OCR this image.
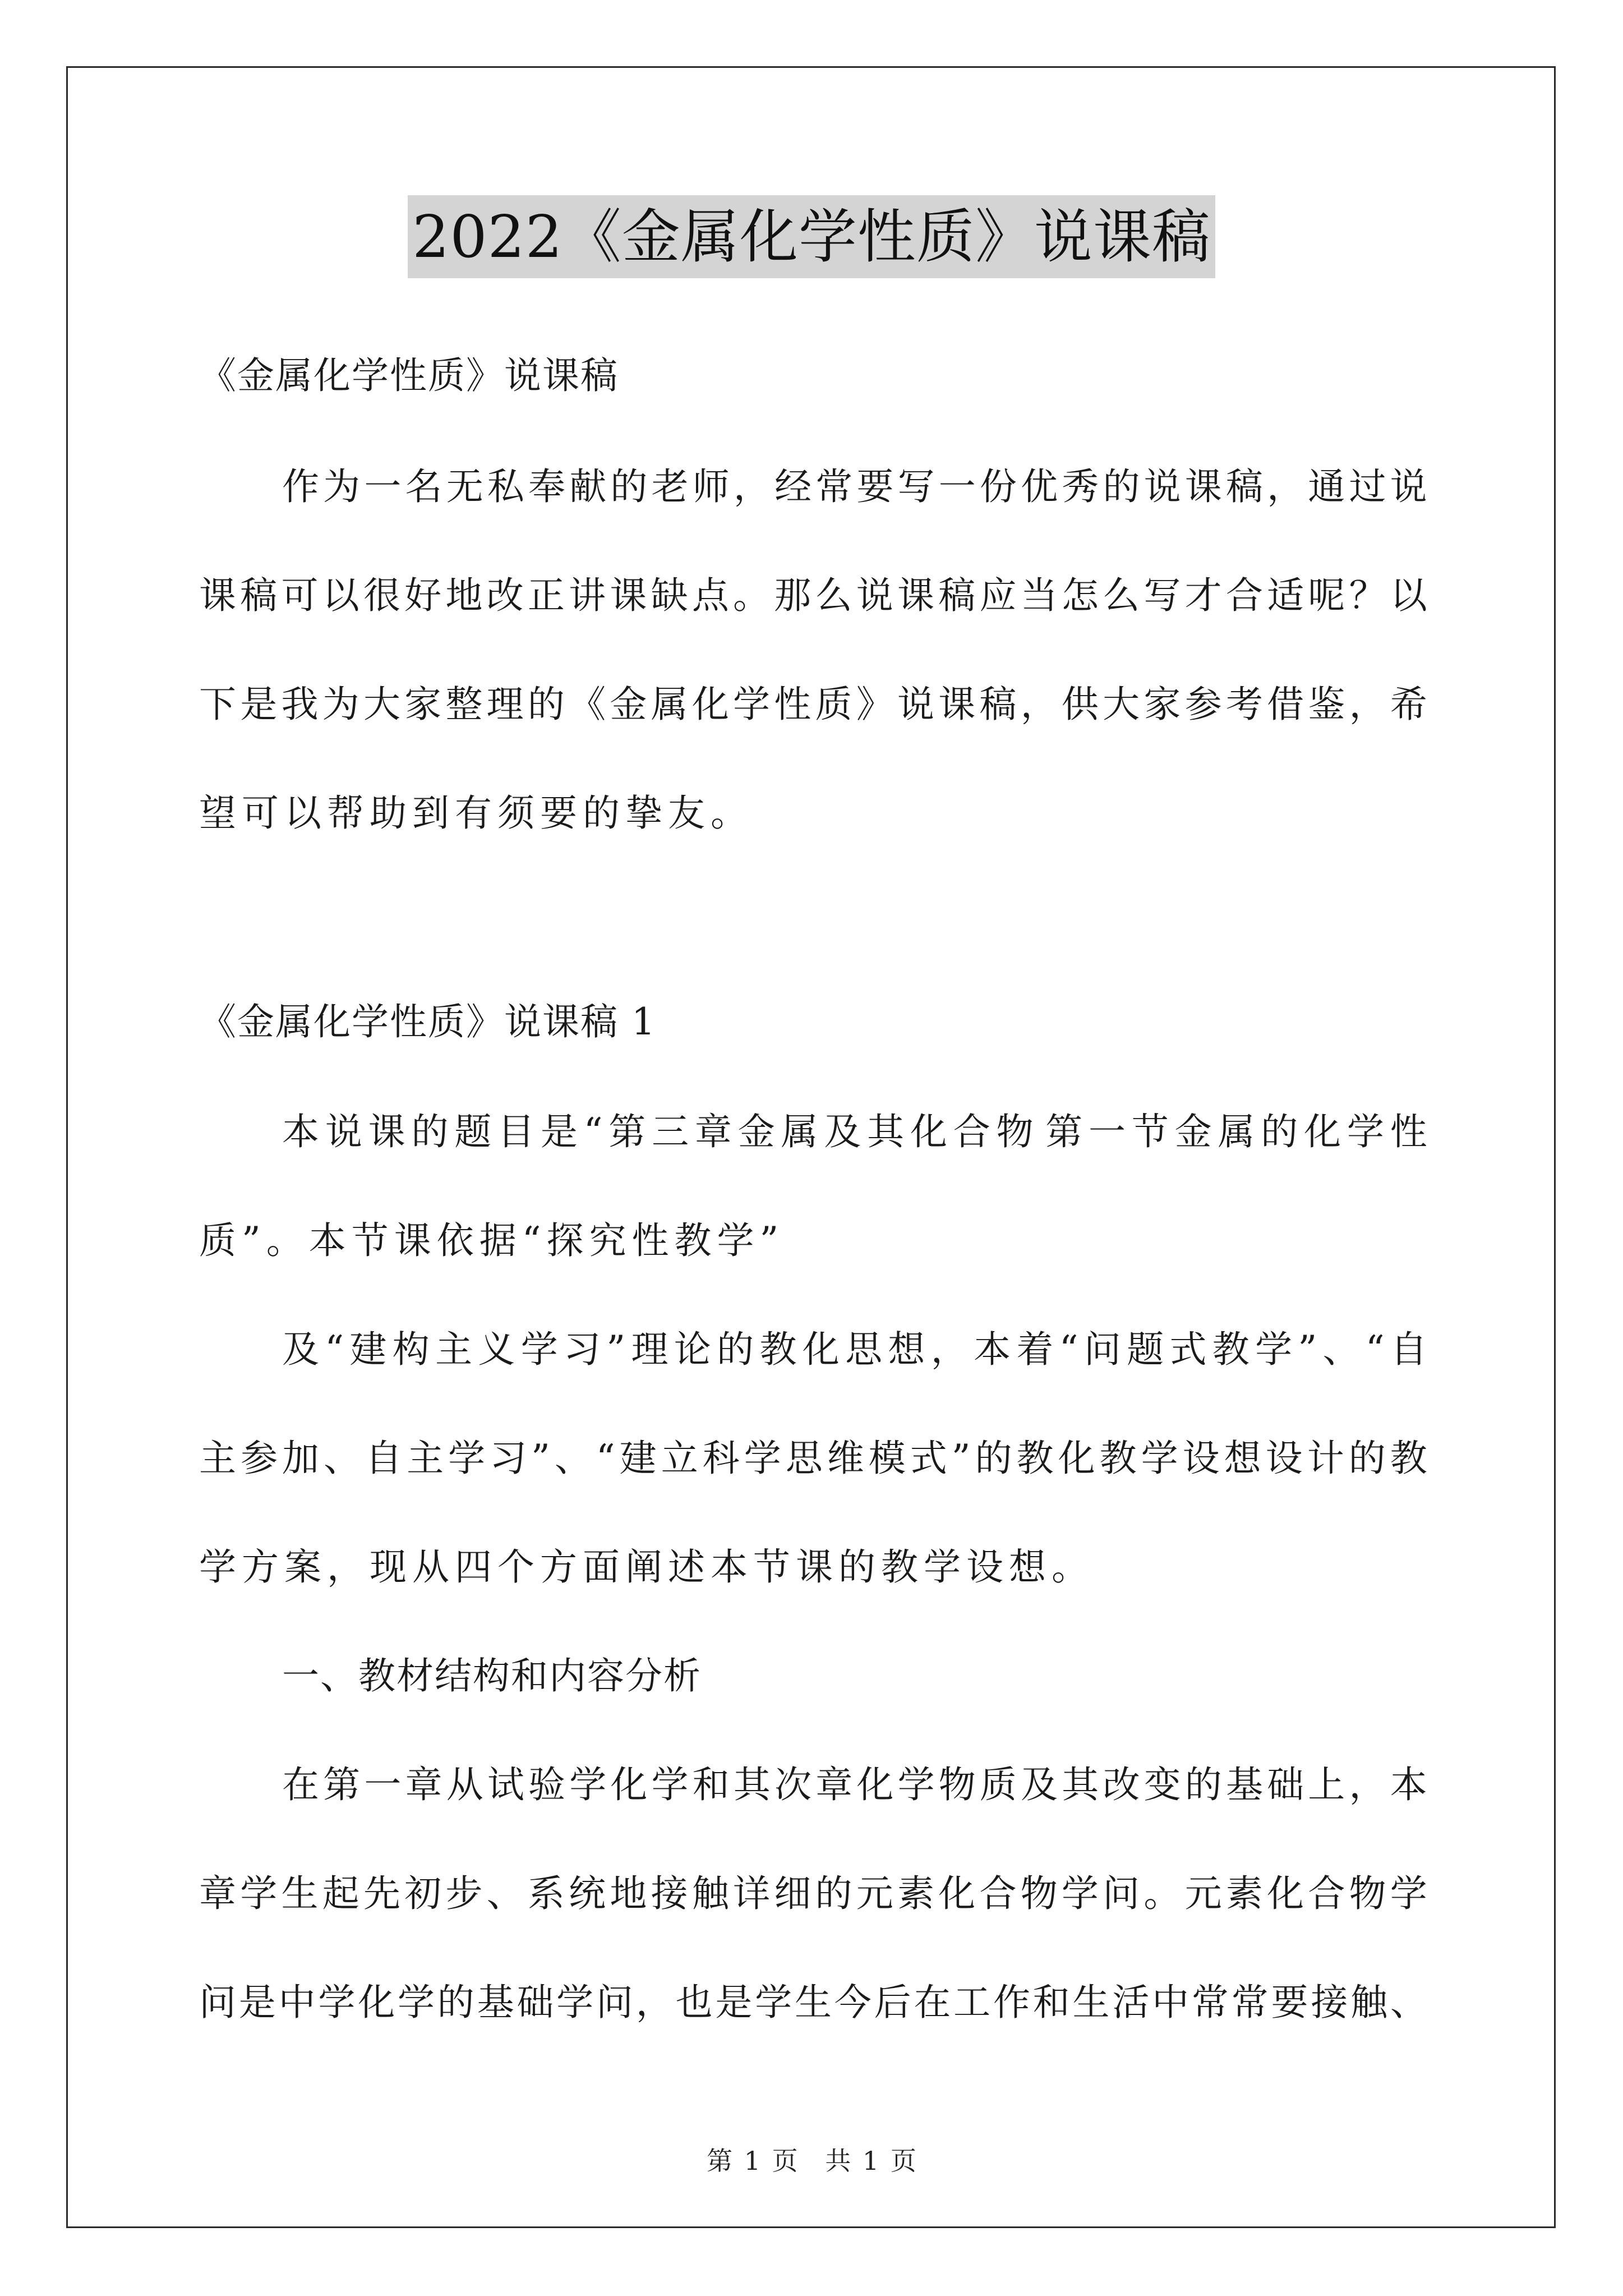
2022《金属化学性质》说课稿
《金属化学性质》说课稿
作 为 一 名 无 私 奉 献 的 老 师 ， 经 常 要 写 一 份 优 秀 的 说 课 稿 ， 通 过 说
课 稿 可 以 很 好 地 改 正 讲 课 缺 点 。 那 么 说 课 稿 应 当 怎 么 写 才 合 适 呢 ？ 以
下 是 我 为 大 家 整 理 的 《 金 属 化 学 性 质 》 说 课 稿 ， 供 大 家 参 考 借 鉴 ， 希
望可以帮助到有须要的挚友。
《金属化学性质》说课稿 1
本 说 课 的 题 目 是 “ 第 三 章 金 属 及 其 化 合 物 第 一 节 金 属 的 化 学 性
质”。本节课依据“探究性教学”
及 “ 建 构 主 义 学 习 ” 理 论 的 教 化 思 想 ， 本 着 “ 问 题 式 教 学 ” 、 “ 自
主 参 加 、 自 主 学 习 ” 、 “ 建 立 科 学 思 维 模 式 ” 的 教 化 教 学 设 想 设 计 的 教
学方案，现从四个方面阐述本节课的教学设想。
一、教材结构和内容分析
在 第 一 章 从 试 验 学 化 学 和 其 次 章 化 学 物 质 及 其 改 变 的 基 础 上 ， 本
章 学 生 起 先 初 步 、 系 统 地 接 触 详 细 的 元 素 化 合 物 学 问 。 元 素 化 合 物 学
问 是 中 学 化 学 的 基 础 学 问 ， 也 是 学 生 今 后 在 工 作 和 生 活 中 常 常 要 接 触 、
第 1 页 共 1 页
